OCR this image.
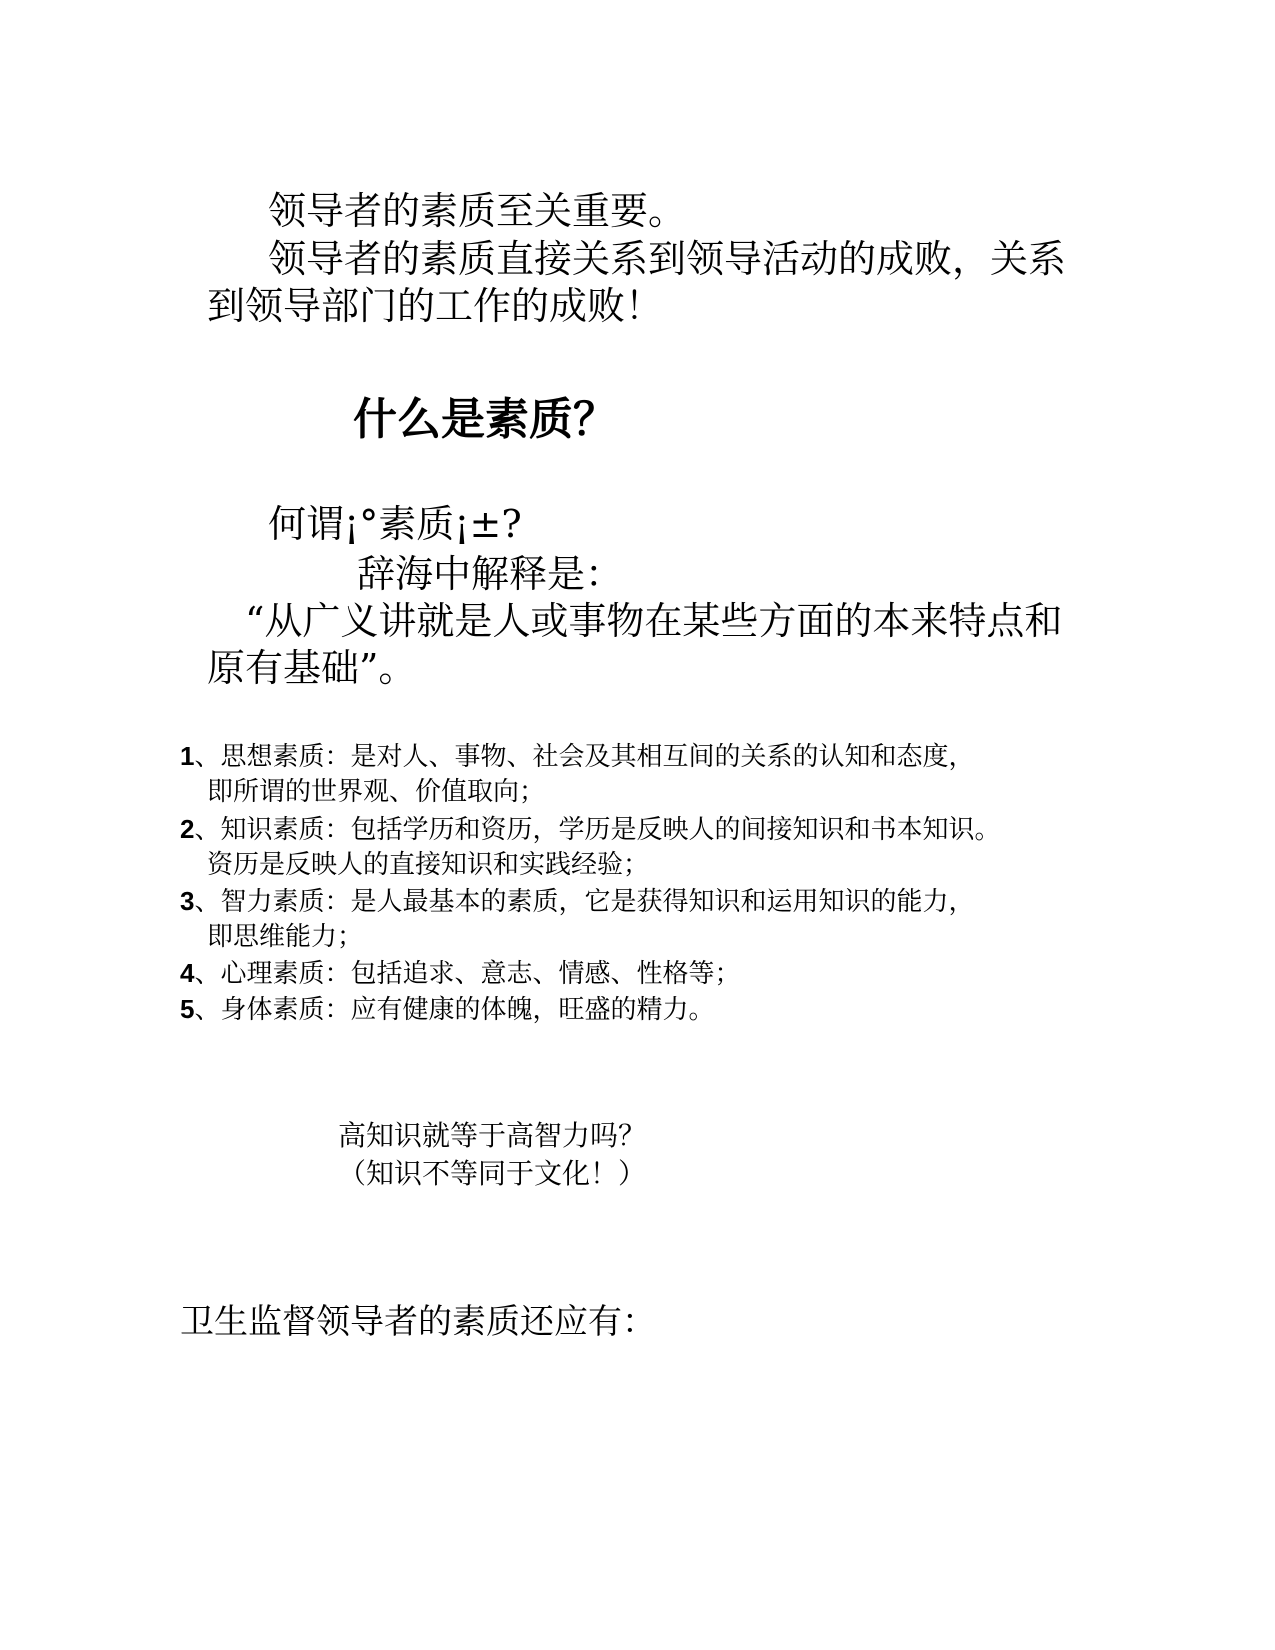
领导者的素质至关重要。
领导者的素质直接关系到领导活动的成败，关系
到领导部门的工作的成败！
什么是素质？
何谓¡°素质¡±?
辞海中解释是：
“从广义讲就是人或事物在某些方面的本来特点和
原有基础”。
1、思想素质：是对人、事物、社会及其相互间的关系的认知和态度，
即所谓的世界观、价值取向；
2、知识素质：包括学历和资历，学历是反映人的间接知识和书本知识。
资历是反映人的直接知识和实践经验；
3、智力素质：是人最基本的素质，它是获得知识和运用知识的能力，
即思维能力；
4、心理素质：包括追求、意志、情感、性格等；
5、身体素质：应有健康的体魄，旺盛的精力。
高知识就等于高智力吗？
（知识不等同于文化！）
卫生监督领导者的素质还应有：
